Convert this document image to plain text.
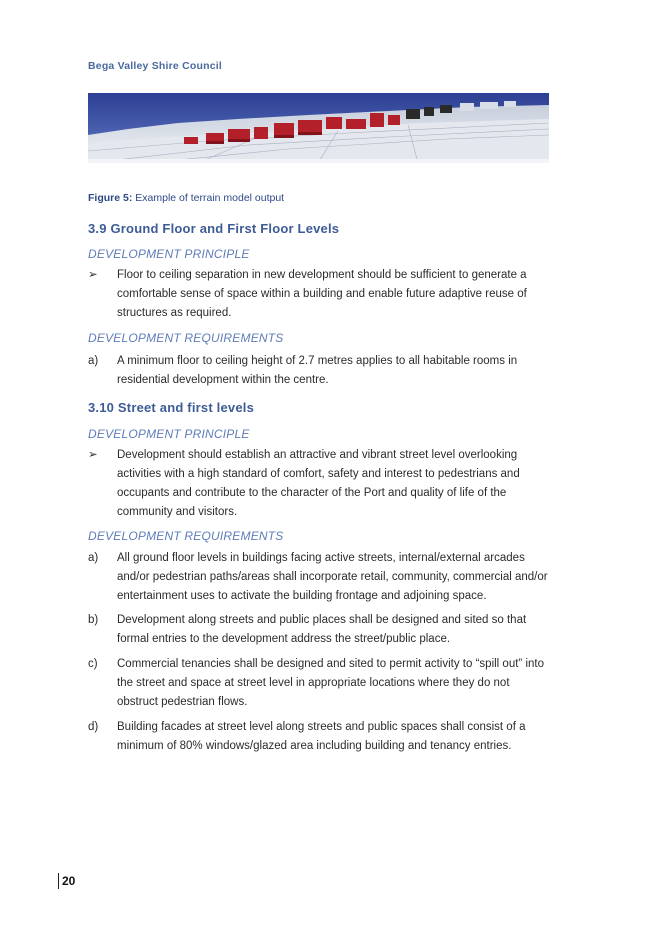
Bega Valley Shire Council
Figure 5: Example of terrain model output
3.9 Ground Floor and First Floor Levels
DEVELOPMENT PRINCIPLE
➢	Floor to ceiling separation in new development should be sufficient to generate a comfortable sense of space within a building and enable future adaptive reuse of structures as required.
DEVELOPMENT REQUIREMENTS
a)	A minimum floor to ceiling height of 2.7 metres applies to all habitable rooms in residential development within the centre.
3.10 Street and first levels
DEVELOPMENT PRINCIPLE
➢	Development should establish an attractive and vibrant street level overlooking activities with a high standard of comfort, safety and interest to pedestrians and occupants and contribute to the character of the Port and quality of life of the community and visitors.
DEVELOPMENT REQUIREMENTS
a)	All ground floor levels in buildings facing active streets, internal/external arcades and/or pedestrian paths/areas shall incorporate retail, community, commercial and/or entertainment uses to activate the building frontage and adjoining space.
b)	Development along streets and public places shall be designed and sited so that formal entries to the development address the street/public place.
c)	Commercial tenancies shall be designed and sited to permit activity to “spill out” into the street and space at street level in appropriate locations where they do not obstruct pedestrian flows.
d)	Building facades at street level along streets and public spaces shall consist of a minimum of 80% windows/glazed area including building and tenancy entries.
20
